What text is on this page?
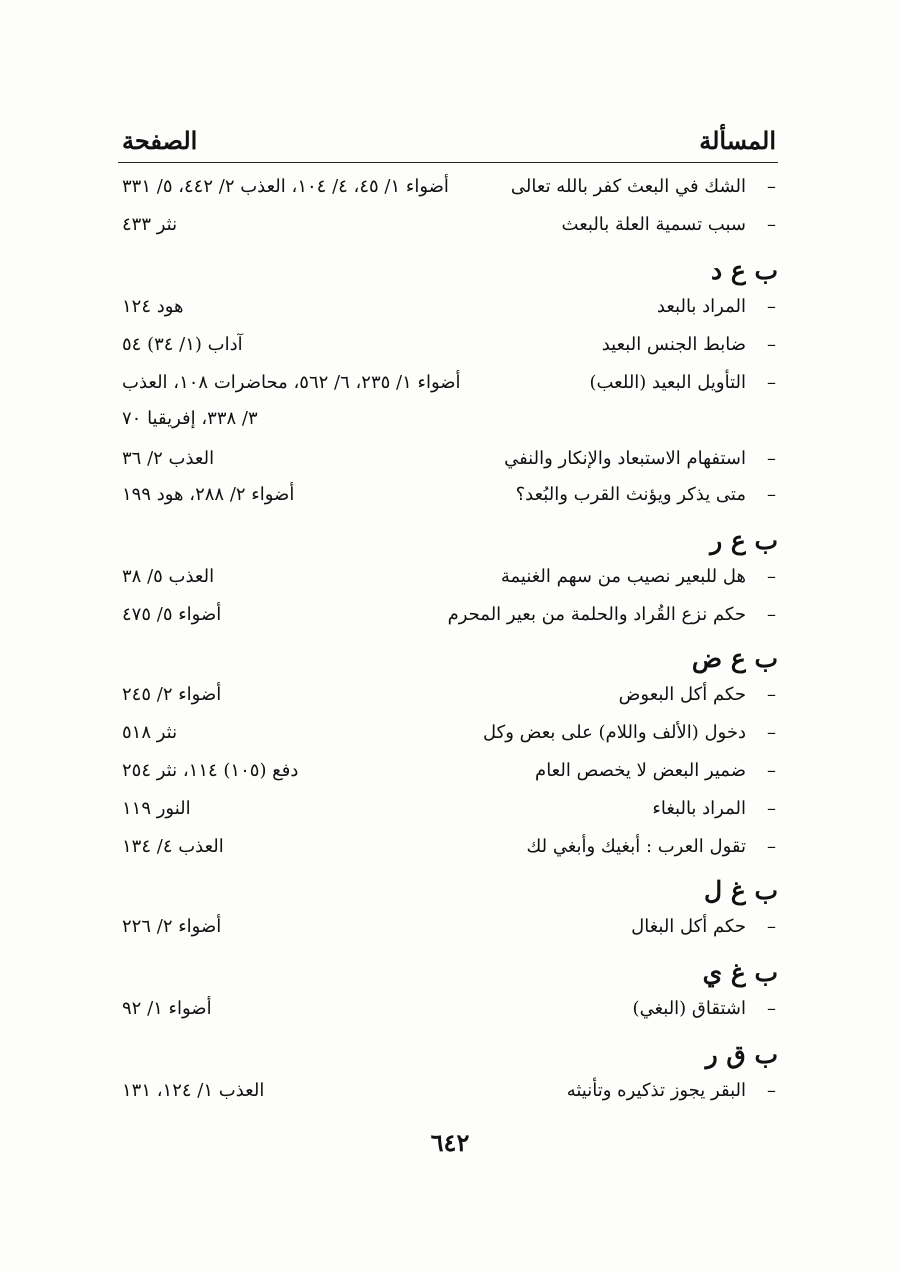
المسألة
الصفحة
–
الشك في البعث كفر بالله تعالى
أضواء ١/ ٤٥، ٤/ ١٠٤، العذب ٢/ ٤٤٢، ٥/ ٣٣١
–
سبب تسمية العلة بالبعث
نثر ٤٣٣
ب ع د
–
المراد بالبعد
هود ١٢٤
–
ضابط الجنس البعيد
آداب (١/ ٣٤) ٥٤
–
التأويل البعيد (اللعب)
أضواء ١/ ٢٣٥، ٦/ ٥٦٢، محاضرات ١٠٨، العذب
٣/ ٣٣٨، إفريقيا ٧٠
–
استفهام الاستبعاد والإنكار والنفي
العذب ٢/ ٣٦
–
متى يذكر ويؤنث القرب والبُعد؟
أضواء ٢/ ٢٨٨، هود ١٩٩
ب ع ر
–
هل للبعير نصيب من سهم الغنيمة
العذب ٥/ ٣٨
–
حكم نزع القُراد والحلمة من بعير المحرم
أضواء ٥/ ٤٧٥
ب ع ض
–
حكم أكل البعوض
أضواء ٢/ ٢٤٥
–
دخول (الألف واللام) على بعض وكل
نثر ٥١٨
–
ضمير البعض لا يخصص العام
دفع (١٠٥) ١١٤، نثر ٢٥٤
–
المراد بالبغاء
النور ١١٩
–
تقول العرب : أبغيك وأبغي لك
العذب ٤/ ١٣٤
ب غ ل
–
حكم أكل البغال
أضواء ٢/ ٢٢٦
ب غ ي
–
اشتقاق (البغي)
أضواء ١/ ٩٢
ب ق ر
–
البقر يجوز تذكيره وتأنيثه
العذب ١/ ١٢٤، ١٣١
٦٤٢
